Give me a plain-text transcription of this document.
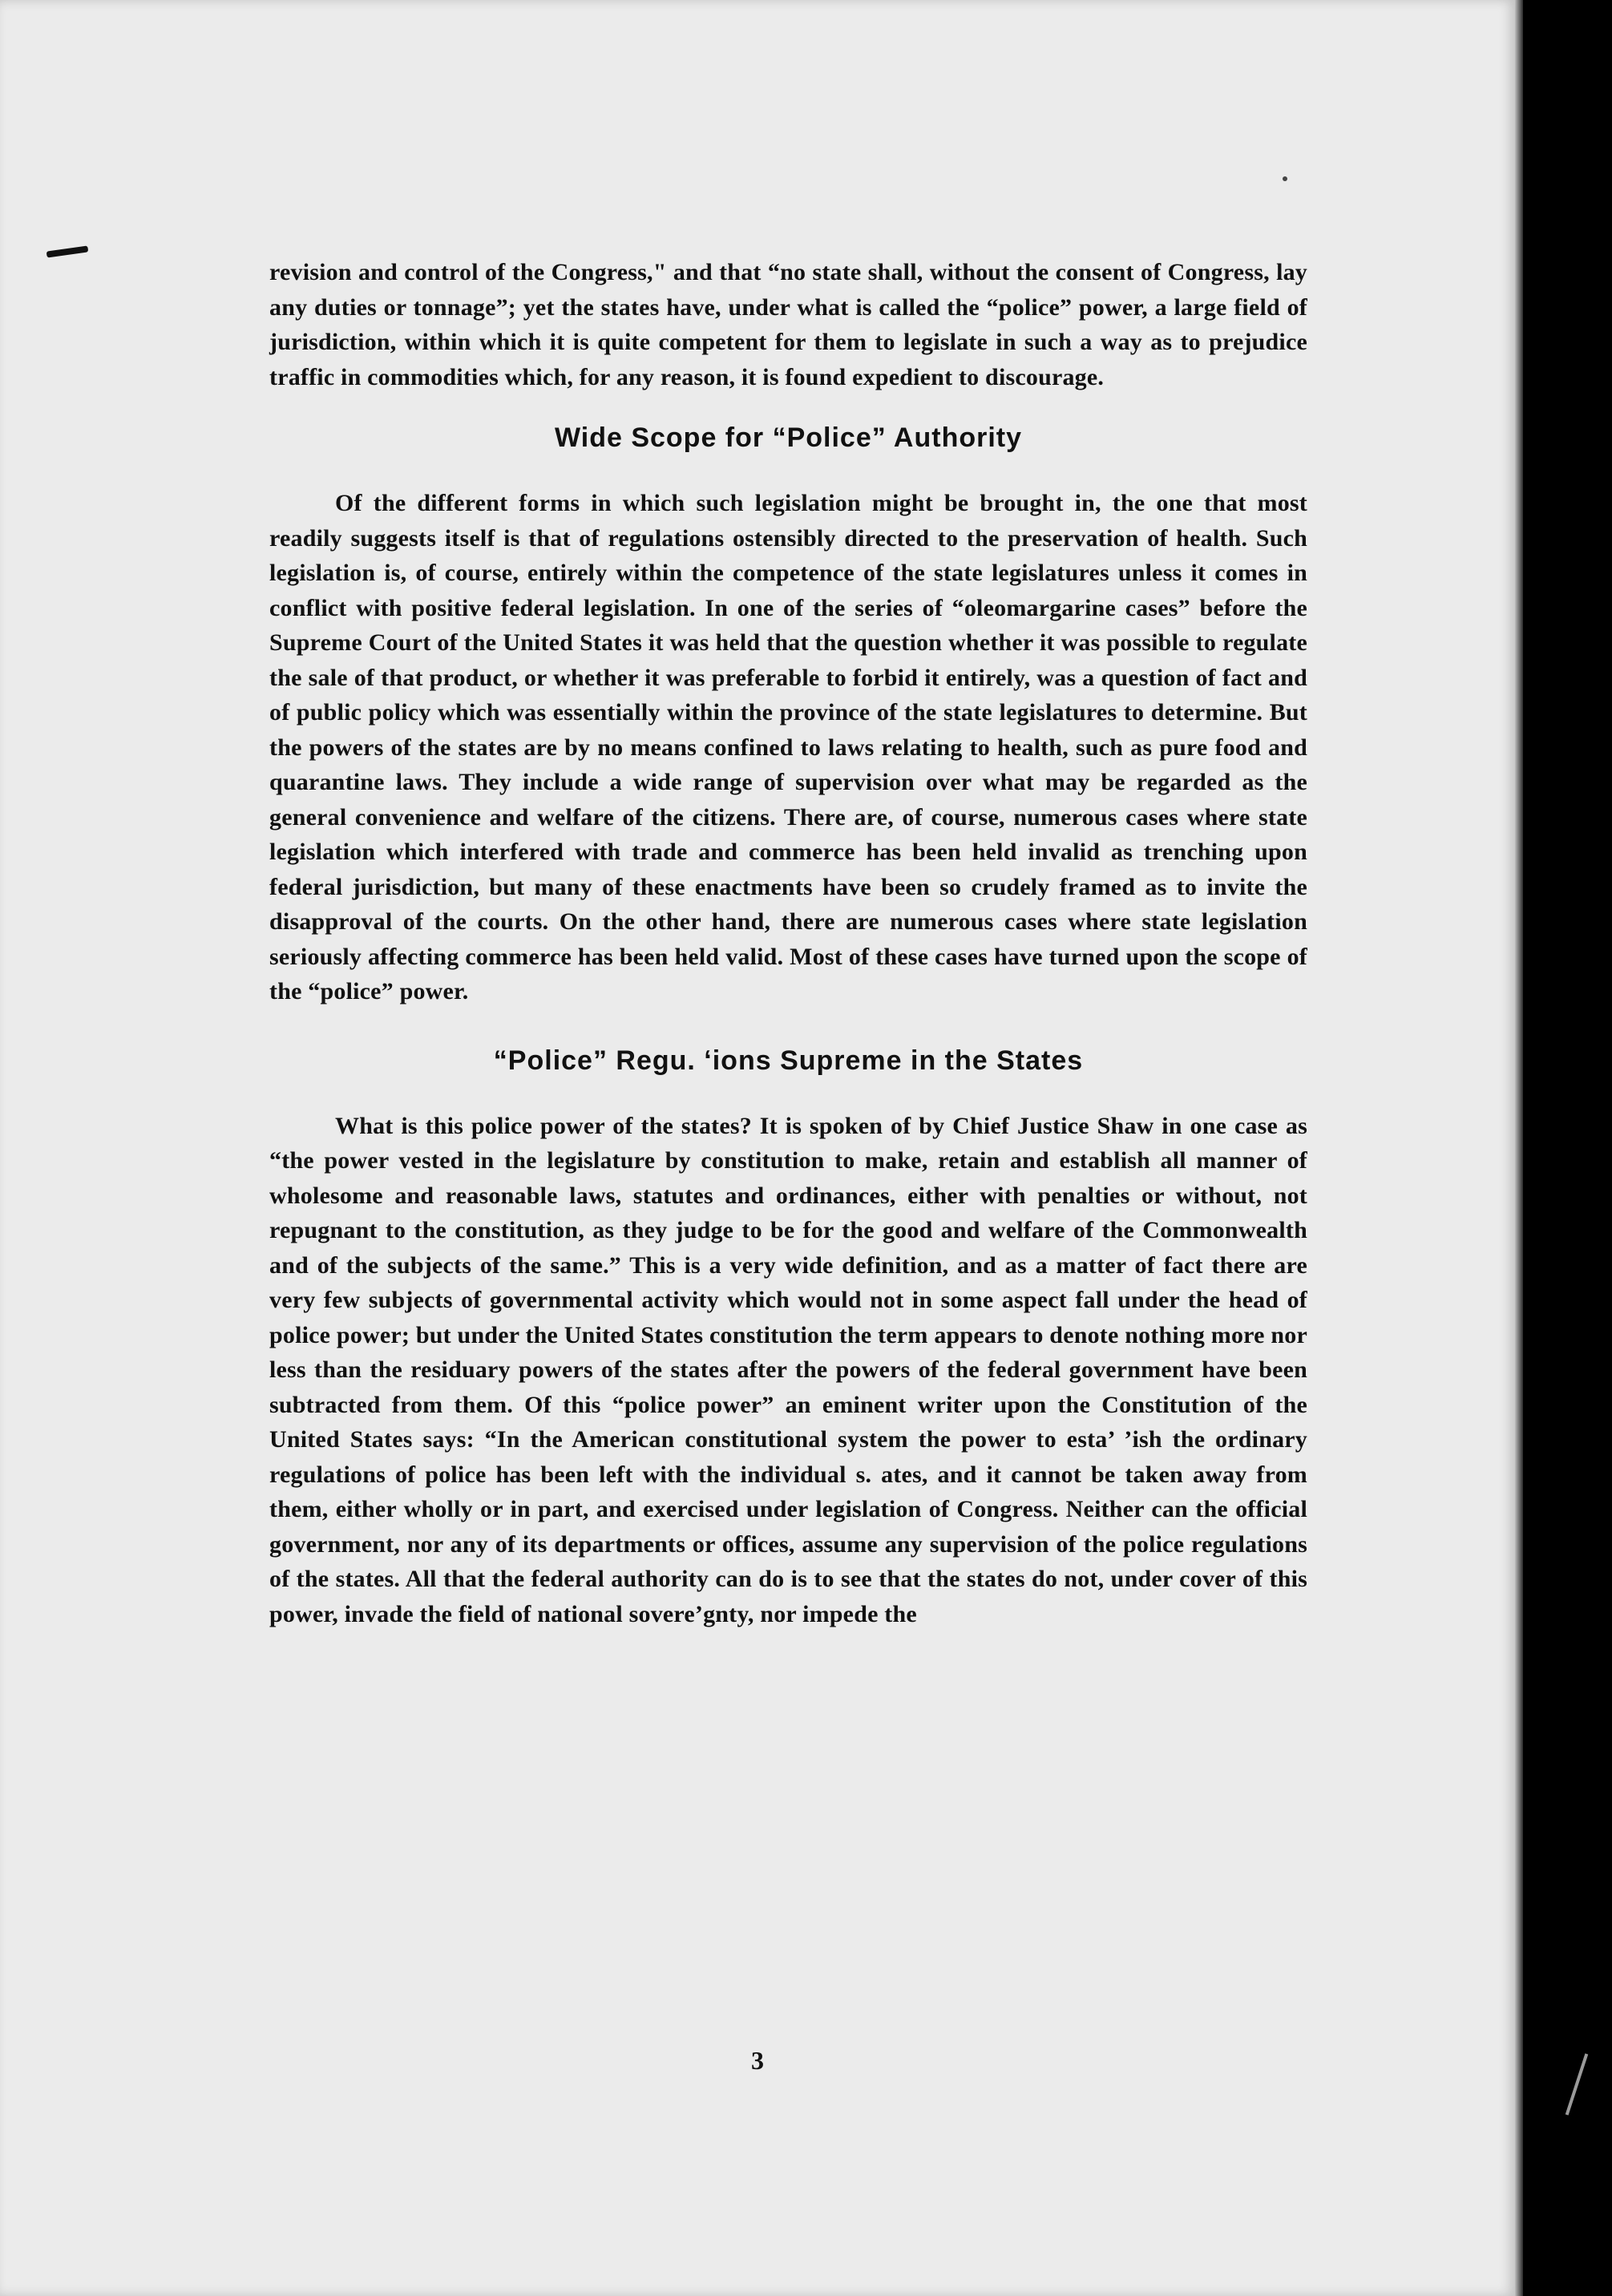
revision and control of the Congress," and that “no state shall, without the consent of Congress, lay any duties or tonnage”; yet the states have, under what is called the “police” power, a large field of jurisdiction, within which it is quite competent for them to legislate in such a way as to prejudice traffic in commodities which, for any reason, it is found expedient to discourage.

Wide Scope for “Police” Authority

Of the different forms in which such legislation might be brought in, the one that most readily suggests itself is that of regulations ostensibly directed to the preservation of health. Such legislation is, of course, entirely within the competence of the state legislatures unless it comes in conflict with positive federal legislation. In one of the series of “oleomargarine cases” before the Supreme Court of the United States it was held that the question whether it was possible to regulate the sale of that product, or whether it was preferable to forbid it entirely, was a question of fact and of public policy which was essentially within the province of the state legislatures to determine. But the powers of the states are by no means confined to laws relating to health, such as pure food and quarantine laws. They include a wide range of supervision over what may be regarded as the general convenience and welfare of the citizens. There are, of course, numerous cases where state legislation which interfered with trade and commerce has been held invalid as trenching upon federal jurisdiction, but many of these enactments have been so crudely framed as to invite the disapproval of the courts. On the other hand, there are numerous cases where state legislation seriously affecting commerce has been held valid. Most of these cases have turned upon the scope of the “police” power.

“Police” Regu. ʻions Supreme in the States

What is this police power of the states? It is spoken of by Chief Justice Shaw in one case as “the power vested in the legislature by constitution to make, retain and establish all manner of wholesome and reasonable laws, statutes and ordinances, either with penalties or without, not repugnant to the constitution, as they judge to be for the good and welfare of the Commonwealth and of the subjects of the same.” This is a very wide definition, and as a matter of fact there are very few subjects of governmental activity which would not in some aspect fall under the head of police power; but under the United States constitution the term appears to denote nothing more nor less than the residuary powers of the states after the powers of the federal government have been subtracted from them. Of this “police power” an eminent writer upon the Constitution of the United States says: “In the American constitutional system the power to esta’ ’ish the ordinary regulations of police has been left with the individual s. ates, and it cannot be taken away from them, either wholly or in part, and exercised under legislation of Congress. Neither can the official government, nor any of its departments or offices, assume any supervision of the police regulations of the states. All that the federal authority can do is to see that the states do not, under cover of this power, invade the field of national sovere’gnty, nor impede the

3
